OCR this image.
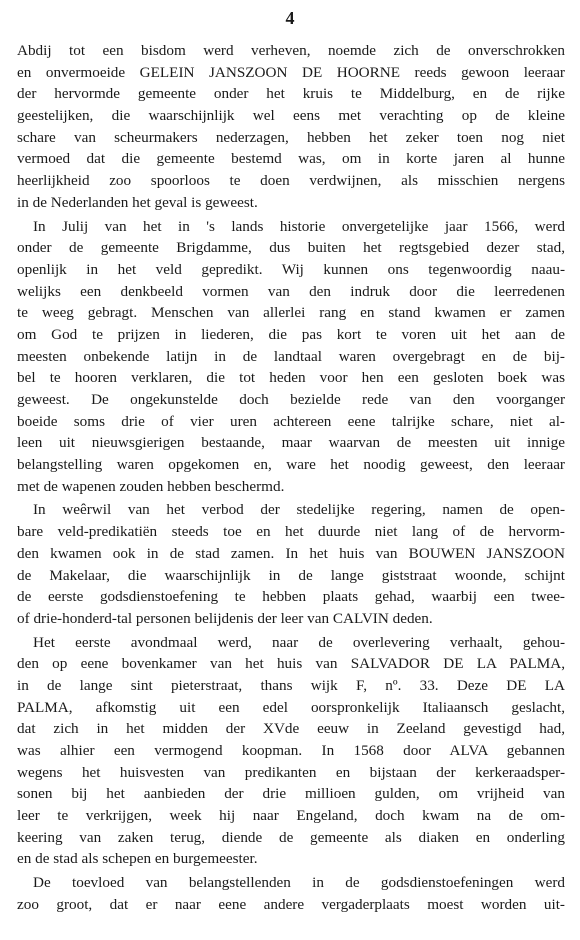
4
Abdij tot een bisdom werd verheven, noemde zich de onverschrokken
en onvermoeide GELEIN JANSZOON DE HOORNE reeds gewoon leeraar
der hervormde gemeente onder het kruis te Middelburg, en de rijke
geestelijken, die waarschijnlijk wel eens met verachting op de kleine
schare van scheurmakers nederzagen, hebben het zeker toen nog niet
vermoed dat die gemeente bestemd was, om in korte jaren al hunne
heerlijkheid zoo spoorloos te doen verdwijnen, als misschien nergens
in de Nederlanden het geval is geweest.
In Julij van het in 's lands historie onvergetelijke jaar 1566, werd
onder de gemeente Brigdamme, dus buiten het regtsgebied dezer stad,
openlijk in het veld gepredikt. Wij kunnen ons tegenwoordig naau-
welijks een denkbeeld vormen van den indruk door die leerredenen
te weeg gebragt. Menschen van allerlei rang en stand kwamen er zamen
om God te prijzen in liederen, die pas kort te voren uit het aan de
meesten onbekende latijn in de landtaal waren overgebragt en de bij-
bel te hooren verklaren, die tot heden voor hen een gesloten boek was
geweest. De ongekunstelde doch bezielde rede van den voorganger
boeide soms drie of vier uren achtereen eene talrijke schare, niet al-
leen uit nieuwsgierigen bestaande, maar waarvan de meesten uit innige
belangstelling waren opgekomen en, ware het noodig geweest, den leeraar
met de wapenen zouden hebben beschermd.
In weêrwil van het verbod der stedelijke regering, namen de open-
bare veld-predikatiën steeds toe en het duurde niet lang of de hervorm-
den kwamen ook in de stad zamen. In het huis van BOUWEN JANSZOON
de Makelaar, die waarschijnlijk in de lange giststraat woonde, schijnt
de eerste godsdienstoefening te hebben plaats gehad, waarbij een twee-
of drie-honderd-tal personen belijdenis der leer van CALVIN deden.
Het eerste avondmaal werd, naar de overlevering verhaalt, gehou-
den op eene bovenkamer van het huis van SALVADOR DE LA PALMA,
in de lange sint pieterstraat, thans wijk F, nº. 33. Deze DE LA
PALMA, afkomstig uit een edel oorspronkelijk Italiaansch geslacht,
dat zich in het midden der XVde eeuw in Zeeland gevestigd had,
was alhier een vermogend koopman. In 1568 door ALVA gebannen
wegens het huisvesten van predikanten en bijstaan der kerkeraadsper-
sonen bij het aanbieden der drie millioen gulden, om vrijheid van
leer te verkrijgen, week hij naar Engeland, doch kwam na de om-
keering van zaken terug, diende de gemeente als diaken en onderling
en de stad als schepen en burgemeester.
De toevloed van belangstellenden in de godsdienstoefeningen werd
zoo groot, dat er naar eene andere vergaderplaats moest worden uit-
